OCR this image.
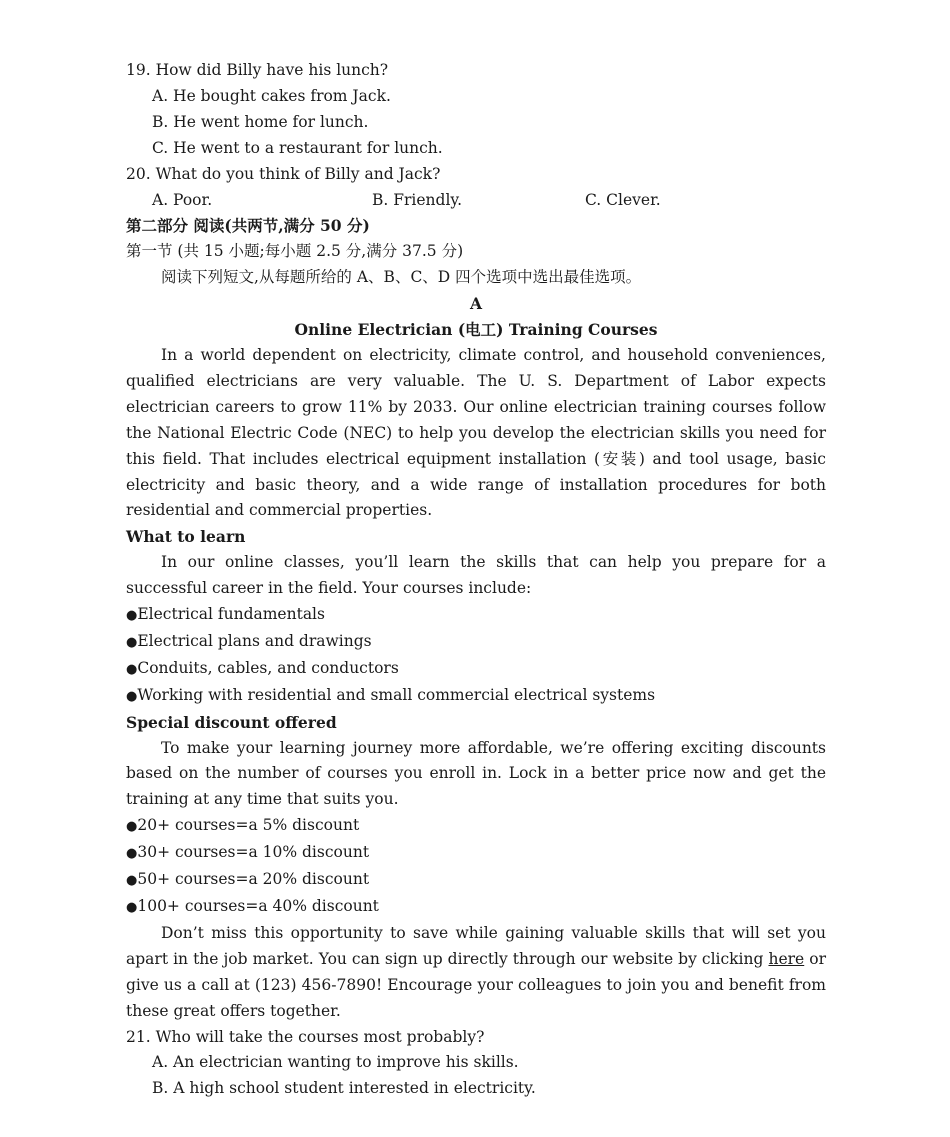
19. How did Billy have his lunch?
A. He bought cakes from Jack.
B. He went home for lunch.
C. He went to a restaurant for lunch.
20. What do you think of Billy and Jack?
A. Poor.	B. Friendly.	C. Clever.
第二部分 阅读(共两节,满分 50 分)
第一节 (共 15 小题;每小题 2.5 分,满分 37.5 分)
阅读下列短文,从每题所给的 A、B、C、D 四个选项中选出最佳选项。
A
Online Electrician (电工) Training Courses
In a world dependent on electricity, climate control, and household conveniences, qualified electricians are very valuable. The U. S. Department of Labor expects electrician careers to grow 11% by 2033. Our online electrician training courses follow the National Electric Code (NEC) to help you develop the electrician skills you need for this field. That includes electrical equipment installation (安装) and tool usage, basic electricity and basic theory, and a wide range of installation procedures for both residential and commercial properties.
What to learn
In our online classes, you’ll learn the skills that can help you prepare for a successful career in the field. Your courses include:
●Electrical fundamentals
●Electrical plans and drawings
●Conduits, cables, and conductors
●Working with residential and small commercial electrical systems
Special discount offered
To make your learning journey more affordable, we’re offering exciting discounts based on the number of courses you enroll in. Lock in a better price now and get the training at any time that suits you.
●20+ courses=a 5% discount
●30+ courses=a 10% discount
●50+ courses=a 20% discount
●100+ courses=a 40% discount
Don’t miss this opportunity to save while gaining valuable skills that will set you apart in the job market. You can sign up directly through our website by clicking here or give us a call at (123) 456-7890! Encourage your colleagues to join you and benefit from these great offers together.
21. Who will take the courses most probably?
A. An electrician wanting to improve his skills.
B. A high school student interested in electricity.
